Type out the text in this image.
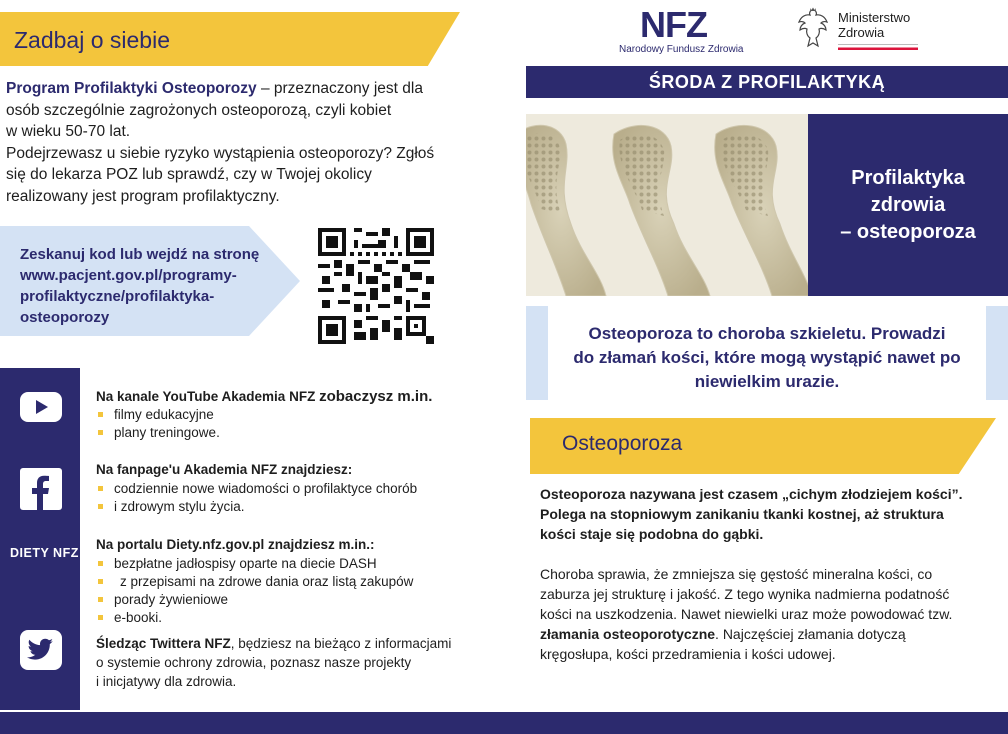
Zadbaj o siebie
Program Profilaktyki Osteoporozy – przeznaczony jest dla
osób szczególnie zagrożonych osteoporozą, czyli kobiet
w wieku 50-70 lat.
Podejrzewasz u siebie ryzyko wystąpienia osteoporozy? Zgłoś
się do lekarza POZ lub sprawdź, czy w Twojej okolicy
realizowany jest program profilaktyczny.
Zeskanuj kod lub wejdź na stronę
www.pacjent.gov.pl/programy-
profilaktyczne/profilaktyka-
osteoporozy
DIETY NFZ
Na kanale YouTube Akademia NFZ zobaczysz m.in.
filmy edukacyjne
plany treningowe.
Na fanpage'u Akademia NFZ znajdziesz:
codziennie nowe wiadomości o profilaktyce chorób
i zdrowym stylu życia.
Na portalu Diety.nfz.gov.pl znajdziesz m.in.:
bezpłatne jadłospisy oparte na diecie DASH
z przepisami na zdrowe dania oraz listą zakupów
porady żywieniowe
e-booki.
Śledząc Twittera NFZ, będziesz na bieżąco z informacjami
o systemie ochrony zdrowia, poznasz nasze projekty
i inicjatywy dla zdrowia.
NFZ
Narodowy Fundusz Zdrowia
Ministerstwo
Zdrowia
ŚRODA Z PROFILAKTYKĄ
Profilaktyka
zdrowia
– osteoporoza
Osteoporoza to choroba szkieletu. Prowadzi
do złamań kości, które mogą wystąpić nawet po
niewielkim urazie.
Osteoporoza
Osteoporoza nazywana jest czasem „cichym złodziejem kości”.
Polega na stopniowym zanikaniu tkanki kostnej, aż struktura
kości staje się podobna do gąbki.
Choroba sprawia, że zmniejsza się gęstość mineralna kości, co
zaburza jej strukturę i jakość. Z tego wynika nadmierna podatność
kości na uszkodzenia. Nawet niewielki uraz może powodować tzw.
złamania osteoporotyczne. Najczęściej złamania dotyczą
kręgosłupa, kości przedramienia i kości udowej.
